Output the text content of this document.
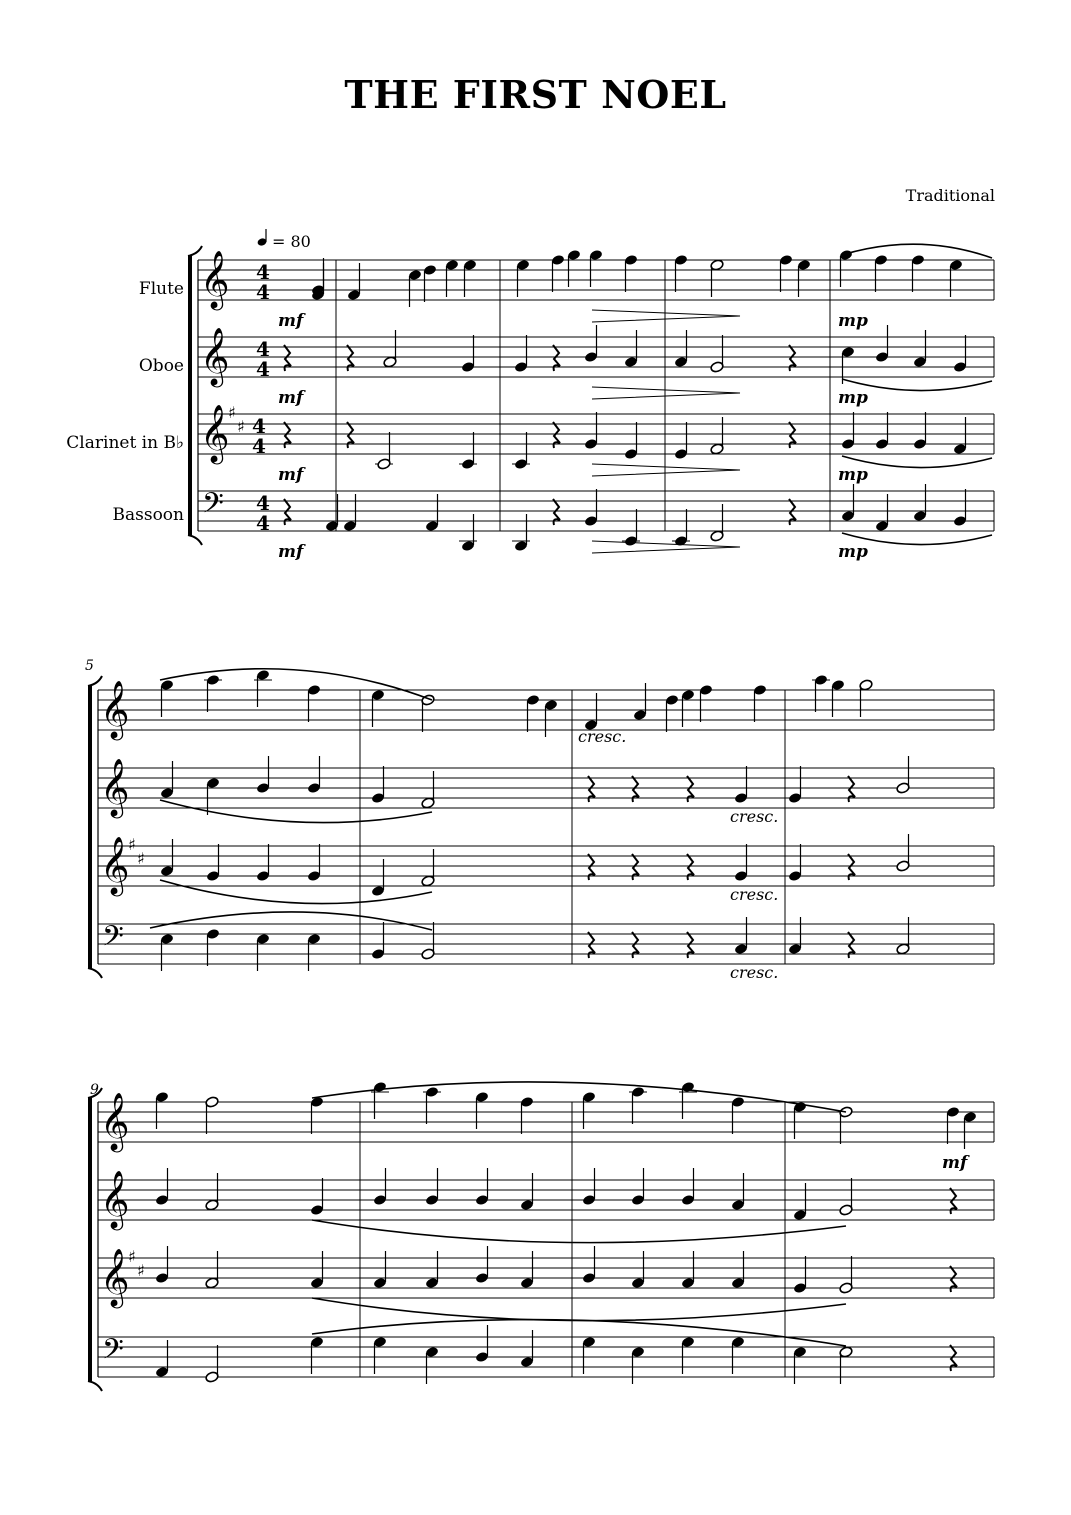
THE FIRST NOEL
Traditional
= 80
𝄞 4
4
𝄞 4
4
𝄞
♯
♯ 4
4
𝄢 4
4
mf	mp
mf	mp
mf	mp
mf	mp
Flute
Oboe
Clarinet in B♭
Bassoon
𝄞
𝄞
𝄞
♯
♯
𝄢
5
cresc.
cresc.
cresc.
cresc.
𝄞
𝄞
𝄞
♯
♯
𝄢
9
mf
